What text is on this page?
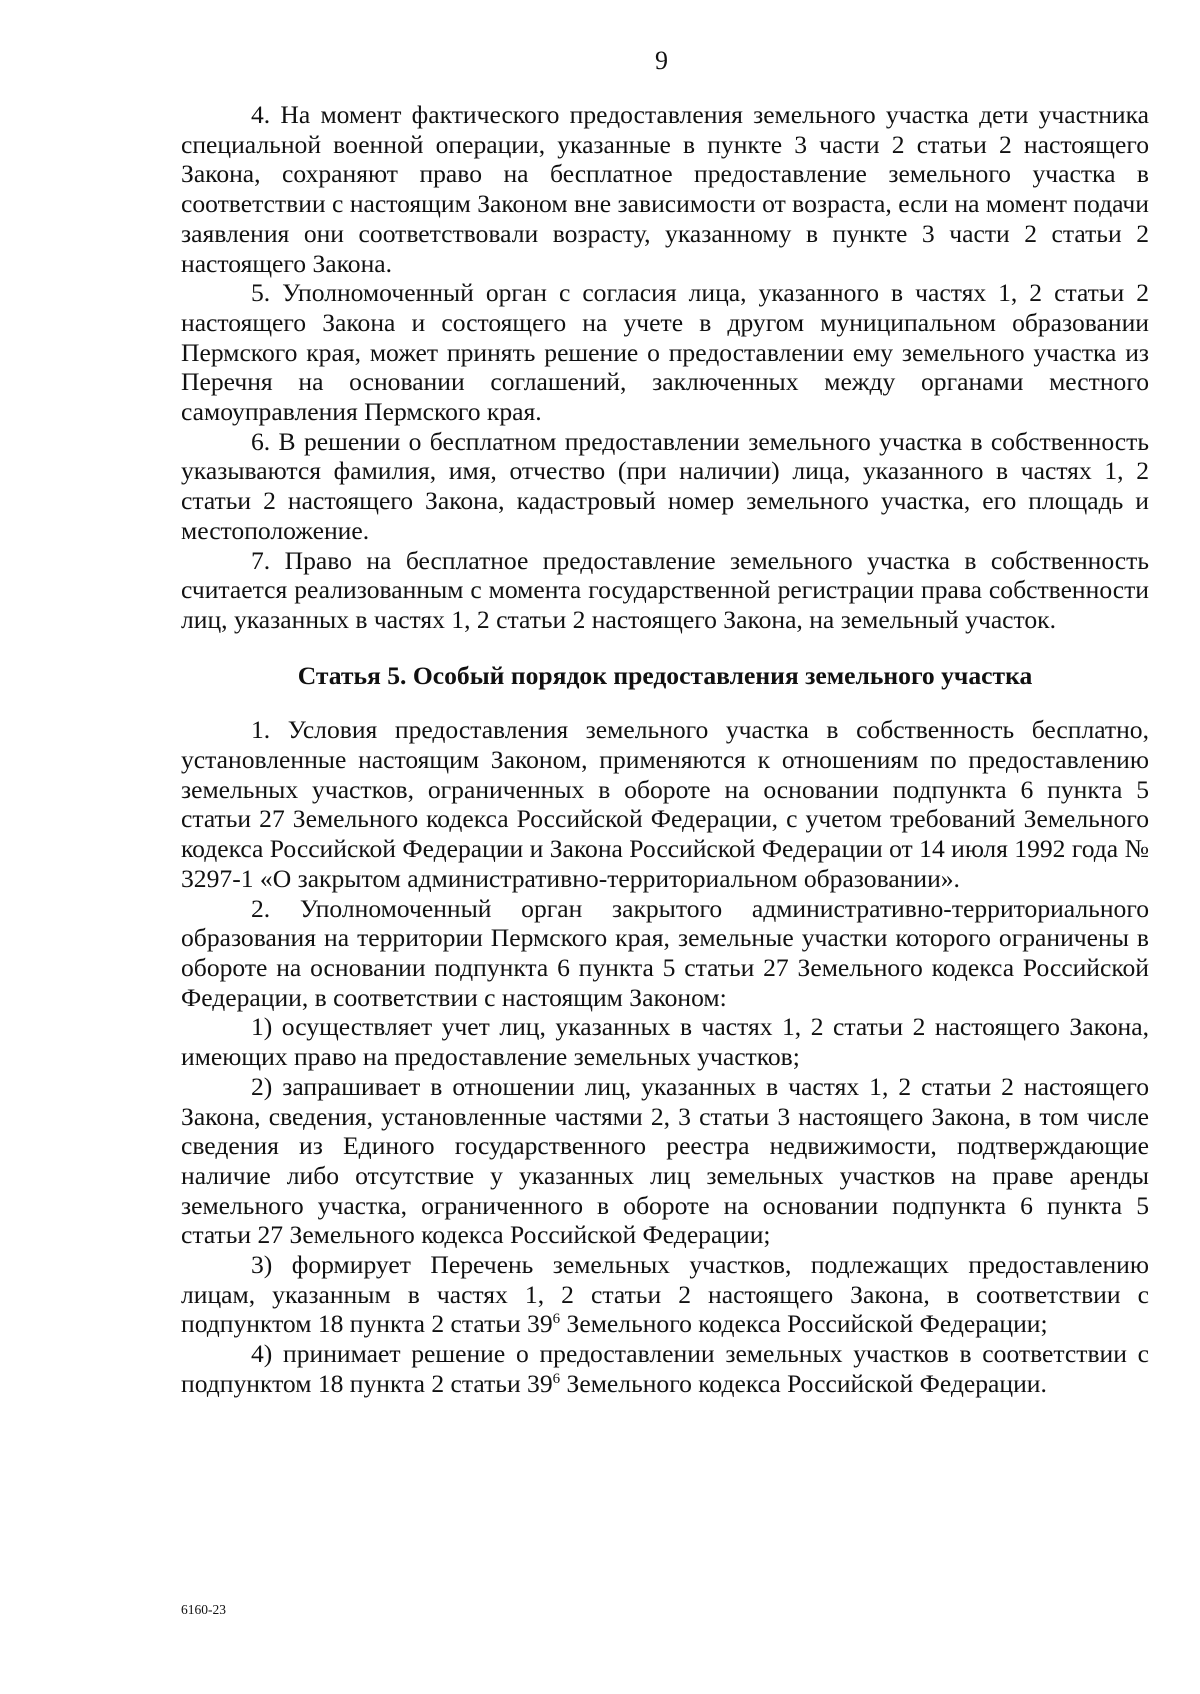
9

4. На момент фактического предоставления земельного участка дети участника специальной военной операции, указанные в пункте 3 части 2 статьи 2 настоящего Закона, сохраняют право на бесплатное предоставление земельного участка в соответствии с настоящим Законом вне зависимости от возраста, если на момент подачи заявления они соответствовали возрасту, указанному в пункте 3 части 2 статьи 2 настоящего Закона.

5. Уполномоченный орган с согласия лица, указанного в частях 1, 2 статьи 2 настоящего Закона и состоящего на учете в другом муниципальном образовании Пермского края, может принять решение о предоставлении ему земельного участка из Перечня на основании соглашений, заключенных между органами местного самоуправления Пермского края.

6. В решении о бесплатном предоставлении земельного участка в собственность указываются фамилия, имя, отчество (при наличии) лица, указанного в частях 1, 2 статьи 2 настоящего Закона, кадастровый номер земельного участка, его площадь и местоположение.

7. Право на бесплатное предоставление земельного участка в собственность считается реализованным с момента государственной регистрации права собственности лиц, указанных в частях 1, 2 статьи 2 настоящего Закона, на земельный участок.

Статья 5. Особый порядок предоставления земельного участка

1. Условия предоставления земельного участка в собственность бесплатно, установленные настоящим Законом, применяются к отношениям по предоставлению земельных участков, ограниченных в обороте на основании подпункта 6 пункта 5 статьи 27 Земельного кодекса Российской Федерации, с учетом требований Земельного кодекса Российской Федерации и Закона Российской Федерации от 14 июля 1992 года № 3297-1 «О закрытом административно-территориальном образовании».

2. Уполномоченный орган закрытого административно-территориального образования на территории Пермского края, земельные участки которого ограничены в обороте на основании подпункта 6 пункта 5 статьи 27 Земельного кодекса Российской Федерации, в соответствии с настоящим Законом:

1) осуществляет учет лиц, указанных в частях 1, 2 статьи 2 настоящего Закона, имеющих право на предоставление земельных участков;

2) запрашивает в отношении лиц, указанных в частях 1, 2 статьи 2 настоящего Закона, сведения, установленные частями 2, 3 статьи 3 настоящего Закона, в том числе сведения из Единого государственного реестра недвижимости, подтверждающие наличие либо отсутствие у указанных лиц земельных участков на праве аренды земельного участка, ограниченного в обороте на основании подпункта 6 пункта 5 статьи 27 Земельного кодекса Российской Федерации;

3) формирует Перечень земельных участков, подлежащих предоставлению лицам, указанным в частях 1, 2 статьи 2 настоящего Закона, в соответствии с подпунктом 18 пункта 2 статьи $39^6$ Земельного кодекса Российской Федерации;

4) принимает решение о предоставлении земельных участков в соответствии с подпунктом 18 пункта 2 статьи $39^6$ Земельного кодекса Российской Федерации.

6160-23
